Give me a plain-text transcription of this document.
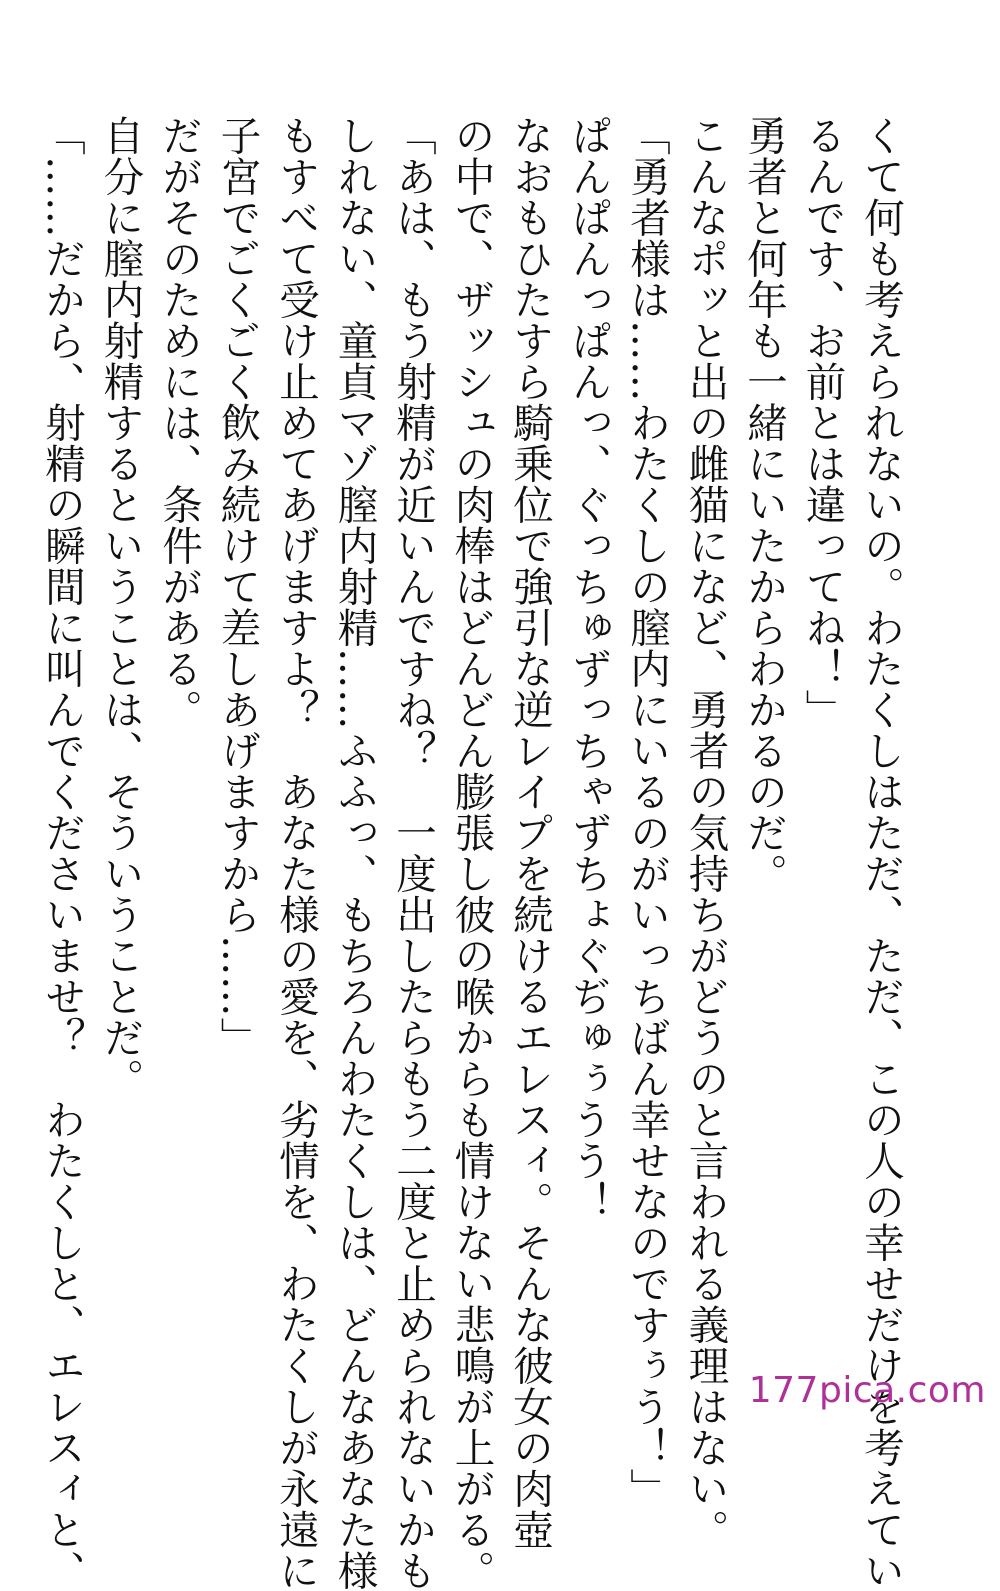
くて何も考えられないの。わたくしはただ、ただ、この人の幸せだけを考えてい
るんです、お前とは違ってね！」
勇者と何年も一緒にいたからわかるのだ。
こんなポッと出の雌猫になど、勇者の気持ちがどうのと言われる義理はない。
「勇者様は……わたくしの膣内にいるのがいっちばん幸せなのですぅう！」
ぱんぱんっぱんっ、ぐっちゅずっちゃずちょぐぢゅぅうう！
なおもひたすら騎乗位で強引な逆レイプを続けるエレスィ。そんな彼女の肉壺
の中で、ザッシュの肉棒はどんどん膨張し彼の喉からも情けない悲鳴が上がる。
「あは、もう射精が近いんですね？　一度出したらもう二度と止められないかも
しれない、童貞マゾ膣内射精……ふふっ、もちろんわたくしは、どんなあなた様
もすべて受け止めてあげますよ？　あなた様の愛を、劣情を、わたくしが永遠に
子宮でごくごく飲み続けて差しあげますから……」
だがそのためには、条件がある。
自分に膣内射精するということは、そういうことだ。
「……だから、射精の瞬間に叫んでくださいませ？　わたくしと、エレスィと、	177pica.com
